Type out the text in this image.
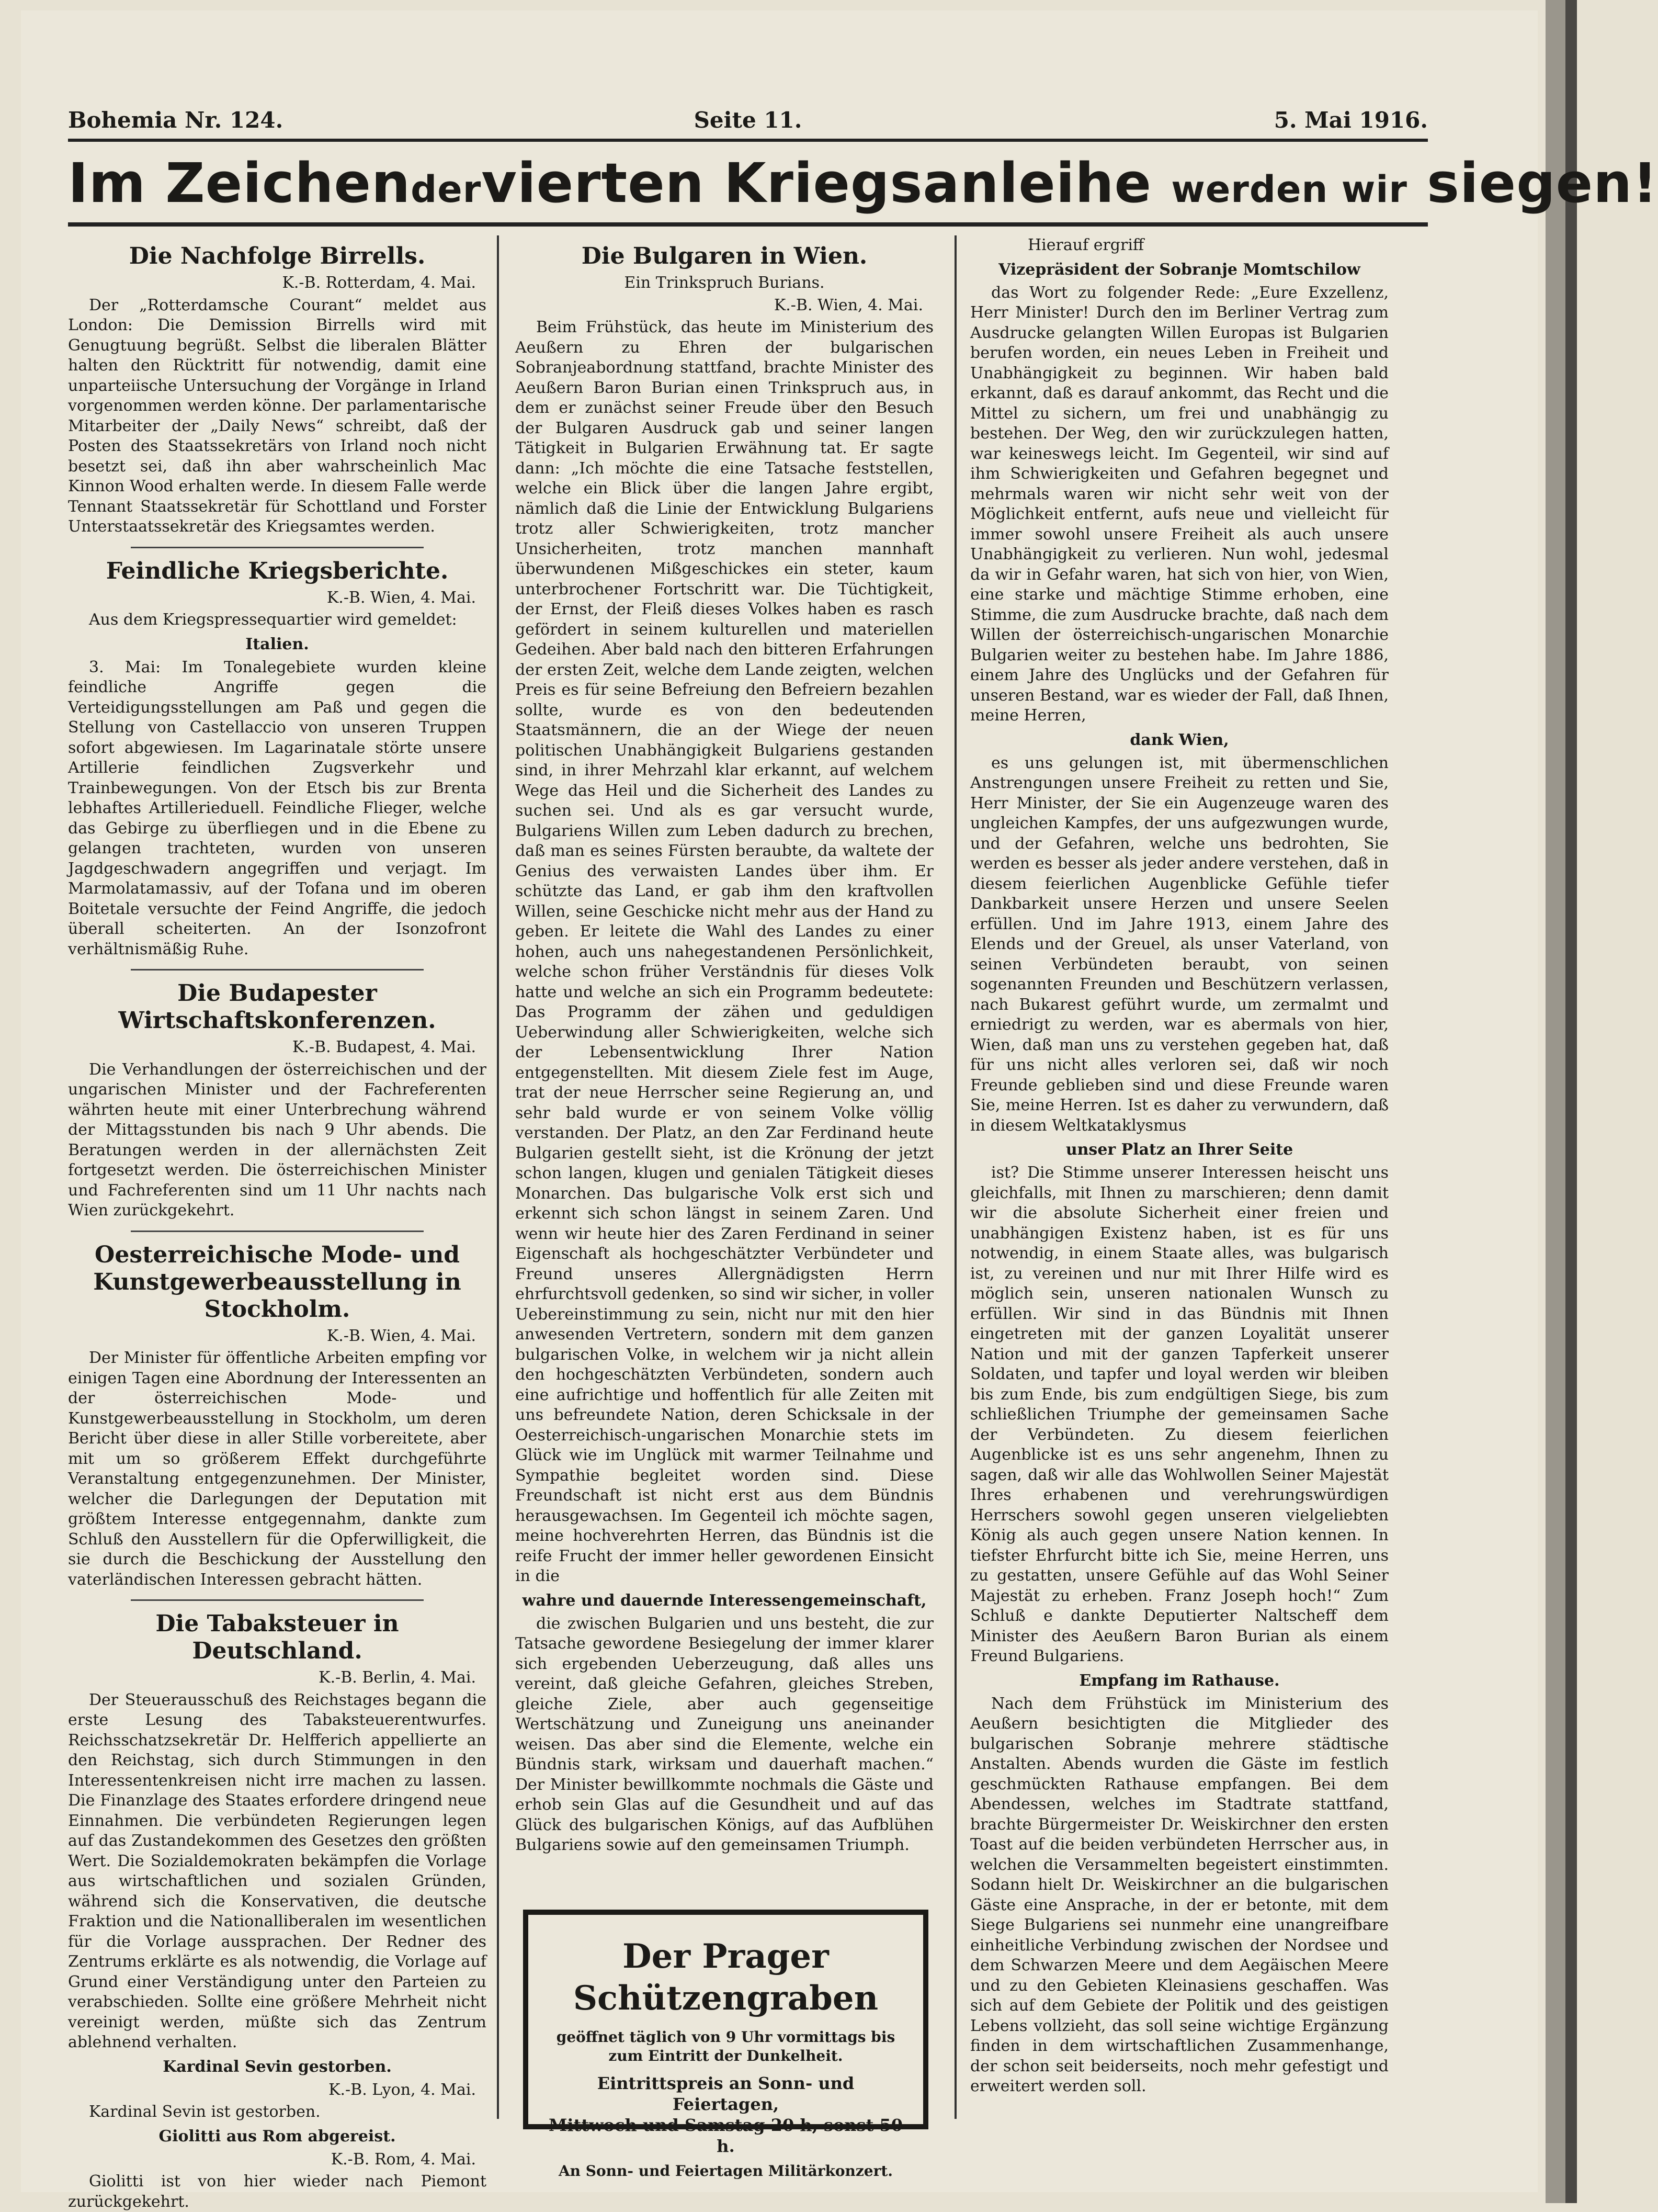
Bohemia Nr. 124.	Seite 11.	5. Mai 1916.
Im Zeichendervierten Kriegsanleihe werden wir siegen!
Die Nachfolge Birrells.
K.-B. Rotterdam, 4. Mai.

Der „Rotterdamsche Courant“ meldet aus London: Die Demission Birrells wird mit Genugtuung begrüßt. Selbst die liberalen Blätter halten den Rücktritt für notwendig, damit eine unparteiische Untersuchung der Vorgänge in Irland vorgenommen werden könne. Der parlamentarische Mitarbeiter der „Daily News“ schreibt, daß der Posten des Staatssekretärs von Irland noch nicht besetzt sei, daß ihn aber wahrscheinlich Mac Kinnon Wood erhalten werde. In diesem Falle werde Tennant Staatssekretär für Schottland und Forster Unterstaatssekretär des Kriegsamtes werden.

Feindliche Kriegsberichte.
K.-B. Wien, 4. Mai.

Aus dem Kriegspressequartier wird gemeldet:

Italien.

3. Mai: Im Tonalegebiete wurden kleine feindliche Angriffe gegen die Verteidigungsstellungen am Paß und gegen die Stellung von Castellaccio von unseren Truppen sofort abgewiesen. Im Lagarinatale störte unsere Artillerie feindlichen Zugsverkehr und Trainbewegungen. Von der Etsch bis zur Brenta lebhaftes Artillerieduell. Feindliche Flieger, welche das Gebirge zu überfliegen und in die Ebene zu gelangen trachteten, wurden von unseren Jagdgeschwadern angegriffen und verjagt. Im Marmolatamassiv, auf der Tofana und im oberen Boitetale versuchte der Feind Angriffe, die jedoch überall scheiterten. An der Isonzofront verhältnismäßig Ruhe.

Die Budapester Wirtschaftskonferenzen.
K.-B. Budapest, 4. Mai.

Die Verhandlungen der österreichischen und der ungarischen Minister und der Fachreferenten währten heute mit einer Unterbrechung während der Mittagsstunden bis nach 9 Uhr abends. Die Beratungen werden in der allernächsten Zeit fortgesetzt werden. Die österreichischen Minister und Fachreferenten sind um 11 Uhr nachts nach Wien zurückgekehrt.

Oesterreichische Mode- und Kunstgewerbeausstellung in Stockholm.
K.-B. Wien, 4. Mai.

Der Minister für öffentliche Arbeiten empfing vor einigen Tagen eine Abordnung der Interessenten an der österreichischen Mode- und Kunstgewerbeausstellung in Stockholm, um deren Bericht über diese in aller Stille vorbereitete, aber mit um so größerem Effekt durchgeführte Veranstaltung entgegenzunehmen. Der Minister, welcher die Darlegungen der Deputation mit größtem Interesse entgegennahm, dankte zum Schluß den Ausstellern für die Opferwilligkeit, die sie durch die Beschickung der Ausstellung den vaterländischen Interessen gebracht hätten.

Die Tabaksteuer in Deutschland.
K.-B. Berlin, 4. Mai.

Der Steuerausschuß des Reichstages begann die erste Lesung des Tabaksteuerentwurfes. Reichsschatzsekretär Dr. Helfferich appellierte an den Reichstag, sich durch Stimmungen in den Interessentenkreisen nicht irre machen zu lassen. Die Finanzlage des Staates erfordere dringend neue Einnahmen. Die verbündeten Regierungen legen auf das Zustandekommen des Gesetzes den größten Wert. Die Sozialdemokraten bekämpfen die Vorlage aus wirtschaftlichen und sozialen Gründen, während sich die Konservativen, die deutsche Fraktion und die Nationalliberalen im wesentlichen für die Vorlage aussprachen. Der Redner des Zentrums erklärte es als notwendig, die Vorlage auf Grund einer Verständigung unter den Parteien zu verabschieden. Sollte eine größere Mehrheit nicht vereinigt werden, müßte sich das Zentrum ablehnend verhalten.

Kardinal Sevin gestorben.
K.-B. Lyon, 4. Mai.

Kardinal Sevin ist gestorben.

Giolitti aus Rom abgereist.
K.-B. Rom, 4. Mai.

Giolitti ist von hier wieder nach Piemont zurückgekehrt.

Die Bulgaren in Wien.
Ein Trinkspruch Burians.
K.-B. Wien, 4. Mai.

Beim Frühstück, das heute im Ministerium des Aeußern zu Ehren der bulgarischen Sobranjeabordnung stattfand, brachte Minister des Aeußern Baron Burian einen Trinkspruch aus, in dem er zunächst seiner Freude über den Besuch der Bulgaren Ausdruck gab und seiner langen Tätigkeit in Bulgarien Erwähnung tat. Er sagte dann: „Ich möchte die eine Tatsache feststellen, welche ein Blick über die langen Jahre ergibt, nämlich daß die Linie der Entwicklung Bulgariens trotz aller Schwierigkeiten, trotz mancher Unsicherheiten, trotz manchen mannhaft überwundenen Mißgeschickes ein steter, kaum unterbrochener Fortschritt war. Die Tüchtigkeit, der Ernst, der Fleiß dieses Volkes haben es rasch gefördert in seinem kulturellen und materiellen Gedeihen. Aber bald nach den bitteren Erfahrungen der ersten Zeit, welche dem Lande zeigten, welchen Preis es für seine Befreiung den Befreiern bezahlen sollte, wurde es von den bedeutenden Staatsmännern, die an der Wiege der neuen politischen Unabhängigkeit Bulgariens gestanden sind, in ihrer Mehrzahl klar erkannt, auf welchem Wege das Heil und die Sicherheit des Landes zu suchen sei. Und als es gar versucht wurde, Bulgariens Willen zum Leben dadurch zu brechen, daß man es seines Fürsten beraubte, da waltete der Genius des verwaisten Landes über ihm. Er schützte das Land, er gab ihm den kraftvollen Willen, seine Geschicke nicht mehr aus der Hand zu geben. Er leitete die Wahl des Landes zu einer hohen, auch uns nahegestandenen Persönlichkeit, welche schon früher Verständnis für dieses Volk hatte und welche an sich ein Programm bedeutete: Das Programm der zähen und geduldigen Ueberwindung aller Schwierigkeiten, welche sich der Lebensentwicklung Ihrer Nation entgegenstellten. Mit diesem Ziele fest im Auge, trat der neue Herrscher seine Regierung an, und sehr bald wurde er von seinem Volke völlig verstanden. Der Platz, an den Zar Ferdinand heute Bulgarien gestellt sieht, ist die Krönung der jetzt schon langen, klugen und genialen Tätigkeit dieses Monarchen. Das bulgarische Volk erst sich und erkennt sich schon längst in seinem Zaren. Und wenn wir heute hier des Zaren Ferdinand in seiner Eigenschaft als hochgeschätzter Verbündeter und Freund unseres Allergnädigsten Herrn ehrfurchtsvoll gedenken, so sind wir sicher, in voller Uebereinstimmung zu sein, nicht nur mit den hier anwesenden Vertretern, sondern mit dem ganzen bulgarischen Volke, in welchem wir ja nicht allein den hochgeschätzten Verbündeten, sondern auch eine aufrichtige und hoffentlich für alle Zeiten mit uns befreundete Nation, deren Schicksale in der Oesterreichisch-ungarischen Monarchie stets im Glück wie im Unglück mit warmer Teilnahme und Sympathie begleitet worden sind. Diese Freundschaft ist nicht erst aus dem Bündnis herausgewachsen. Im Gegenteil ich möchte sagen, meine hochverehrten Herren, das Bündnis ist die reife Frucht der immer heller gewordenen Einsicht in die

wahre und dauernde Interessengemeinschaft,

die zwischen Bulgarien und uns besteht, die zur Tatsache gewordene Besiegelung der immer klarer sich ergebenden Ueberzeugung, daß alles uns vereint, daß gleiche Gefahren, gleiches Streben, gleiche Ziele, aber auch gegenseitige Wertschätzung und Zuneigung uns aneinander weisen. Das aber sind die Elemente, welche ein Bündnis stark, wirksam und dauerhaft machen.“ Der Minister bewillkommte nochmals die Gäste und erhob sein Glas auf die Gesundheit und auf das Glück des bulgarischen Königs, auf das Aufblühen Bulgariens sowie auf den gemeinsamen Triumph.

Der Prager Schützengraben
geöffnet täglich von 9 Uhr vormittags bis
zum Eintritt der Dunkelheit.
Eintrittspreis an Sonn- und Feiertagen,
Mittwoch und Samstag 20 h, sonst 50 h.
An Sonn- und Feiertagen Militärkonzert.

Hierauf ergriff

Vizepräsident der Sobranje Momtschilow

das Wort zu folgender Rede: „Eure Exzellenz, Herr Minister! Durch den im Berliner Vertrag zum Ausdrucke gelangten Willen Europas ist Bulgarien berufen worden, ein neues Leben in Freiheit und Unabhängigkeit zu beginnen. Wir haben bald erkannt, daß es darauf ankommt, das Recht und die Mittel zu sichern, um frei und unabhängig zu bestehen. Der Weg, den wir zurückzulegen hatten, war keineswegs leicht. Im Gegenteil, wir sind auf ihm Schwierigkeiten und Gefahren begegnet und mehrmals waren wir nicht sehr weit von der Möglichkeit entfernt, aufs neue und vielleicht für immer sowohl unsere Freiheit als auch unsere Unabhängigkeit zu verlieren. Nun wohl, jedesmal da wir in Gefahr waren, hat sich von hier, von Wien, eine starke und mächtige Stimme erhoben, eine Stimme, die zum Ausdrucke brachte, daß nach dem Willen der österreichisch-ungarischen Monarchie Bulgarien weiter zu bestehen habe. Im Jahre 1886, einem Jahre des Unglücks und der Gefahren für unseren Bestand, war es wieder der Fall, daß Ihnen, meine Herren,

dank Wien,

es uns gelungen ist, mit übermenschlichen Anstrengungen unsere Freiheit zu retten und Sie, Herr Minister, der Sie ein Augenzeuge waren des ungleichen Kampfes, der uns aufgezwungen wurde, und der Gefahren, welche uns bedrohten, Sie werden es besser als jeder andere verstehen, daß in diesem feierlichen Augenblicke Gefühle tiefer Dankbarkeit unsere Herzen und unsere Seelen erfüllen. Und im Jahre 1913, einem Jahre des Elends und der Greuel, als unser Vaterland, von seinen Verbündeten beraubt, von seinen sogenannten Freunden und Beschützern verlassen, nach Bukarest geführt wurde, um zermalmt und erniedrigt zu werden, war es abermals von hier, Wien, daß man uns zu verstehen gegeben hat, daß für uns nicht alles verloren sei, daß wir noch Freunde geblieben sind und diese Freunde waren Sie, meine Herren. Ist es daher zu verwundern, daß in diesem Weltkataklysmus

unser Platz an Ihrer Seite

ist? Die Stimme unserer Interessen heischt uns gleichfalls, mit Ihnen zu marschieren; denn damit wir die absolute Sicherheit einer freien und unabhängigen Existenz haben, ist es für uns notwendig, in einem Staate alles, was bulgarisch ist, zu vereinen und nur mit Ihrer Hilfe wird es möglich sein, unseren nationalen Wunsch zu erfüllen. Wir sind in das Bündnis mit Ihnen eingetreten mit der ganzen Loyalität unserer Nation und mit der ganzen Tapferkeit unserer Soldaten, und tapfer und loyal werden wir bleiben bis zum Ende, bis zum endgültigen Siege, bis zum schließlichen Triumphe der gemeinsamen Sache der Verbündeten. Zu diesem feierlichen Augenblicke ist es uns sehr angenehm, Ihnen zu sagen, daß wir alle das Wohlwollen Seiner Majestät Ihres erhabenen und verehrungswürdigen Herrschers sowohl gegen unseren vielgeliebten König als auch gegen unsere Nation kennen. In tiefster Ehrfurcht bitte ich Sie, meine Herren, uns zu gestatten, unsere Gefühle auf das Wohl Seiner Majestät zu erheben. Franz Joseph hoch!“ Zum Schluß e dankte Deputierter Naltscheff dem Minister des Aeußern Baron Burian als einem Freund Bulgariens.

Empfang im Rathause.

Nach dem Frühstück im Ministerium des Aeußern besichtigten die Mitglieder des bulgarischen Sobranje mehrere städtische Anstalten. Abends wurden die Gäste im festlich geschmückten Rathause empfangen. Bei dem Abendessen, welches im Stadtrate stattfand, brachte Bürgermeister Dr. Weiskirchner den ersten Toast auf die beiden verbündeten Herrscher aus, in welchen die Versammelten begeistert einstimmten. Sodann hielt Dr. Weiskirchner an die bulgarischen Gäste eine Ansprache, in der er betonte, mit dem Siege Bulgariens sei nunmehr eine unangreifbare einheitliche Verbindung zwischen der Nordsee und dem Schwarzen Meere und dem Aegäischen Meere und zu den Gebieten Kleinasiens geschaffen. Was sich auf dem Gebiete der Politik und des geistigen Lebens vollzieht, das soll seine wichtige Ergänzung finden in dem wirtschaftlichen Zusammenhange, der schon seit beiderseits, noch mehr gefestigt und erweitert werden soll.
